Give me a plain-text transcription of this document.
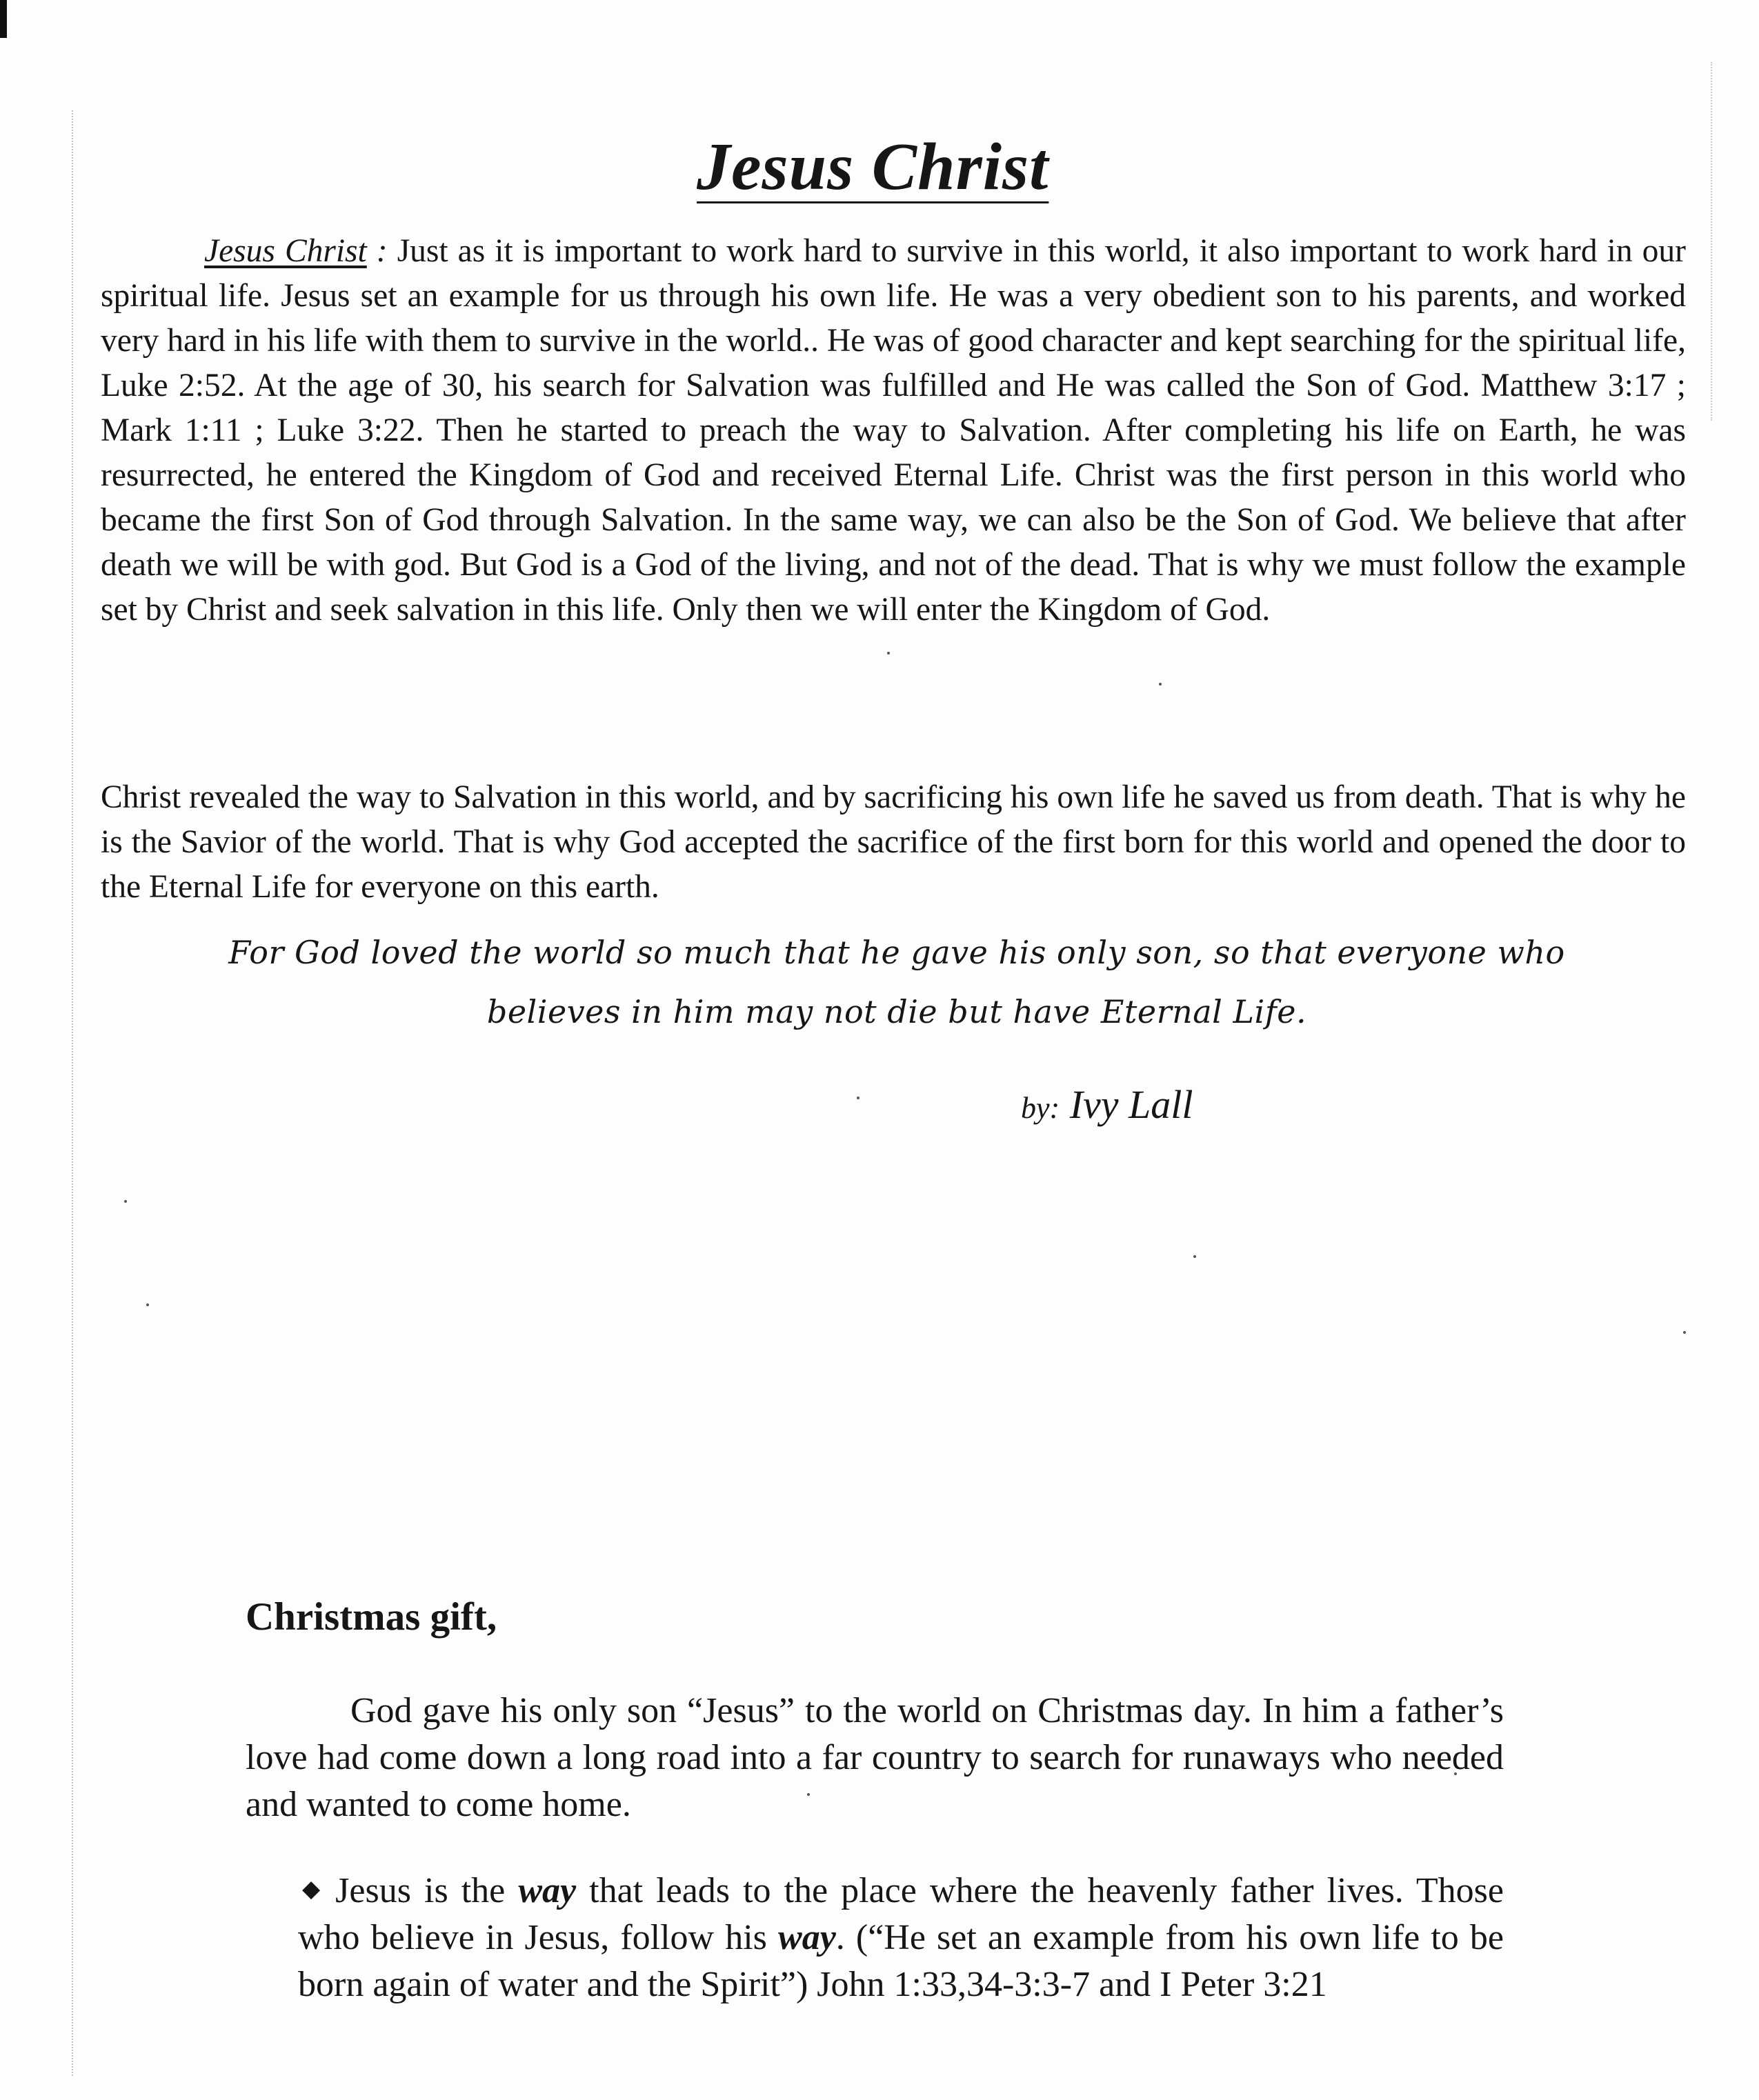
Jesus Christ

Jesus Christ : Just as it is important to work hard to survive in this world, it also important to work hard in our spiritual life. Jesus set an example for us through his own life. He was a very obedient son to his parents, and worked very hard in his life with them to survive in the world.. He was of good character and kept searching for the spiritual life, Luke 2:52. At the age of 30, his search for Salvation was fulfilled and He was called the Son of God. Matthew 3:17 ; Mark 1:11 ; Luke 3:22. Then he started to preach the way to Salvation. After completing his life on Earth, he was resurrected, he entered the Kingdom of God and received Eternal Life. Christ was the first person in this world who became the first Son of God through Salvation. In the same way, we can also be the Son of God. We believe that after death we will be with god. But God is a God of the living, and not of the dead. That is why we must follow the example set by Christ and seek salvation in this life. Only then we will enter the Kingdom of God.

Christ revealed the way to Salvation in this world, and by sacrificing his own life he saved us from death. That is why he is the Savior of the world. That is why God accepted the sacrifice of the first born for this world and opened the door to the Eternal Life for everyone on this earth.

For God loved the world so much that he gave his only son, so that everyone who
believes in him may not die but have Eternal Life.
by: Ivy Lall
Christmas gift,

God gave his only son “Jesus” to the world on Christmas day. In him a father’s love had come down a long road into a far country to search for runaways who needed and wanted to come home.

◆ Jesus is the way that leads to the place where the heavenly father lives. Those who believe in Jesus, follow his way. (“He set an example from his own life to be born again of water and the Spirit”) John 1:33,34-3:3-7 and I Peter 3:21
